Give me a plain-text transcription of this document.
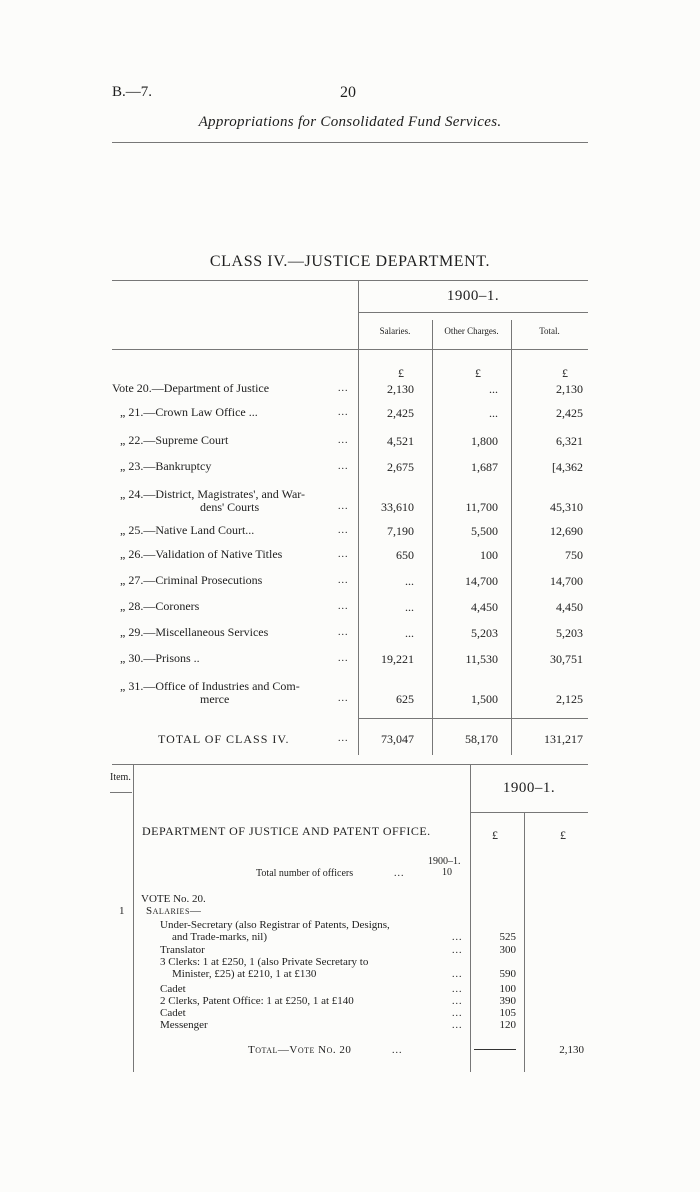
B.—7.	20
Appropriations for Consolidated Fund Services.
CLASS IV.—JUSTICE DEPARTMENT.
1900–1.
Salaries.	Other Charges.	Total.
£	£	£
Vote 20.—Department of Justice	...	2,130	...	2,130
„ 21.—Crown Law Office ...	...	2,425	...	2,425
„ 22.—Supreme Court	...	4,521	1,800	6,321
„ 23.—Bankruptcy	...	2,675	1,687	[4,362
„ 24.—District, Magistrates', and War-
dens' Courts	...	33,610	11,700	45,310
„ 25.—Native Land Court...	...	7,190	5,500	12,690
„ 26.—Validation of Native Titles	...	650	100	750
„ 27.—Criminal Prosecutions	...	...	14,700	14,700
„ 28.—Coroners	...	...	4,450	4,450
„ 29.—Miscellaneous Services	...	...	5,203	5,203
„ 30.—Prisons ..	...	19,221	11,530	30,751
„ 31.—Office of Industries and Com-
merce	...	625	1,500	2,125
TOTAL OF CLASS IV.	...	73,047	58,170	131,217
Item.
1900–1.
DEPARTMENT OF JUSTICE AND PATENT OFFICE.	£	£
1900–1.
Total number of officers	...	10
VOTE No. 20.
1 Salaries—
Under-Secretary (also Registrar of Patents, Designs,
and Trade-marks, nil)	...	525
Translator	...	300
3 Clerks: 1 at £250, 1 (also Private Secretary to
Minister, £25) at £210, 1 at £130	...	590
Cadet	...	100
2 Clerks, Patent Office: 1 at £250, 1 at £140	...	390
Cadet	...	105
Messenger	...	120
Total—Vote No. 20	...	2,130
